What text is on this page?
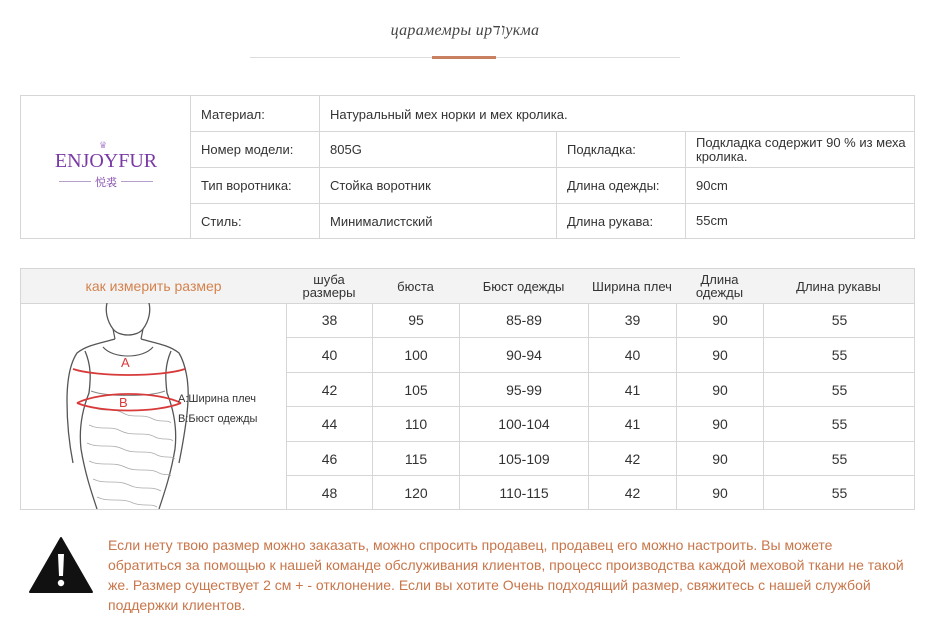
царамемры ирודукма
♛
ENJOYFUR
悦裘
Материал:	Натуральный мех норки и мех кролика.
Номер модели:	805G	Подкладка:	Подкладка содержит 90 % из меха кролика.
Тип воротника:	Стойка воротник	Длина одежды:	90cm
Стиль:	Минималистский	Длина рукава:	55cm
как измерить размер	шуба размеры	бюста	Бюст одежды	Ширина плеч	Длина одежды	Длина рукавы
A
B	A:Ширина плеч
B:Бюст одежды
38	95	85-89	39	90	55
40	100	90-94	40	90	55
42	105	95-99	41	90	55
44	110	100-104	41	90	55
46	115	105-109	42	90	55
48	120	110-115	42	90	55
Если нету твою размер можно заказать, можно спросить продавец, продавец его можно настроить. Вы можете обратиться за помощью к нашей команде обслуживания клиентов, процесс производства каждой меховой ткани не такой же. Размер существует 2 см + - отклонение. Если вы хотите Очень подходящий размер, свяжитесь с нашей службой поддержки клиентов.
